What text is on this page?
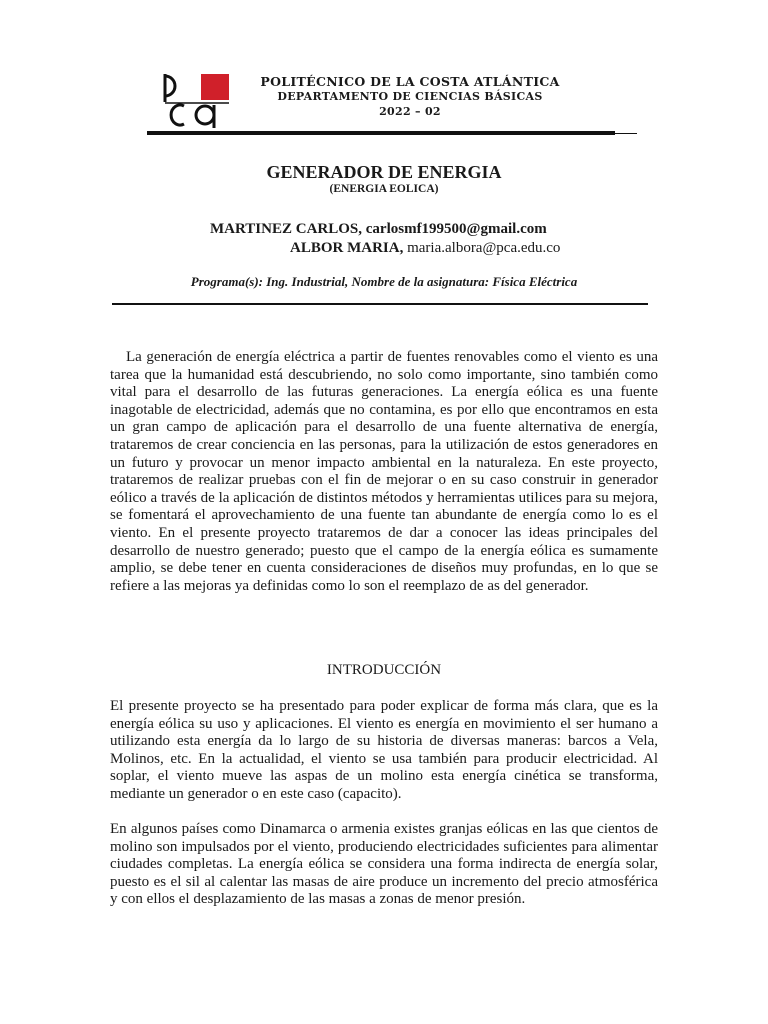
pca
POLITÉCNICO DE LA COSTA ATLÁNTICA
DEPARTAMENTO DE CIENCIAS BÁSICAS
2022 – 02
GENERADOR DE ENERGIA
(ENERGIA EOLICA)
MARTINEZ CARLOS, carlosmf199500@gmail.com
ALBOR MARIA, maria.albora@pca.edu.co
Programa(s): Ing. Industrial, Nombre de la asignatura: Física Eléctrica

La generación de energía eléctrica a partir de fuentes renovables como el viento es una tarea que la humanidad está descubriendo, no solo como importante, sino también como vital para el desarrollo de las futuras generaciones. La energía eólica es una fuente inagotable de electricidad, además que no contamina, es por ello que encontramos en esta un gran campo de aplicación para el desarrollo de una fuente alternativa de energía, trataremos de crear conciencia en las personas, para la utilización de estos generadores en un futuro y provocar un menor impacto ambiental en la naturaleza. En este proyecto, trataremos de realizar pruebas con el fin de mejorar o en su caso construir in generador eólico a través de la aplicación de distintos métodos y herramientas utilices para su mejora, se fomentará el aprovechamiento de una fuente tan abundante de energía como lo es el viento. En el presente proyecto trataremos de dar a conocer las ideas principales del desarrollo de nuestro generado; puesto que el campo de la energía eólica es sumamente amplio, se debe tener en cuenta consideraciones de diseños muy profundas, en lo que se refiere a las mejoras ya definidas como lo son el reemplazo de as del generador.

INTRODUCCIÓN

El presente proyecto se ha presentado para poder explicar de forma más clara, que es la energía eólica su uso y aplicaciones. El viento es energía en movimiento el ser humano a utilizando esta energía da lo largo de su historia de diversas maneras: barcos a Vela, Molinos, etc. En la actualidad, el viento se usa también para producir electricidad. Al soplar, el viento mueve las aspas de un molino esta energía cinética se transforma, mediante un generador o en este caso (capacito).

En algunos países como Dinamarca o armenia existes granjas eólicas en las que cientos de molino son impulsados por el viento, produciendo electricidades suficientes para alimentar ciudades completas. La energía eólica se considera una forma indirecta de energía solar, puesto es el sil al calentar las masas de aire produce un incremento del precio atmosférica y con ellos el desplazamiento de las masas a zonas de menor presión.
